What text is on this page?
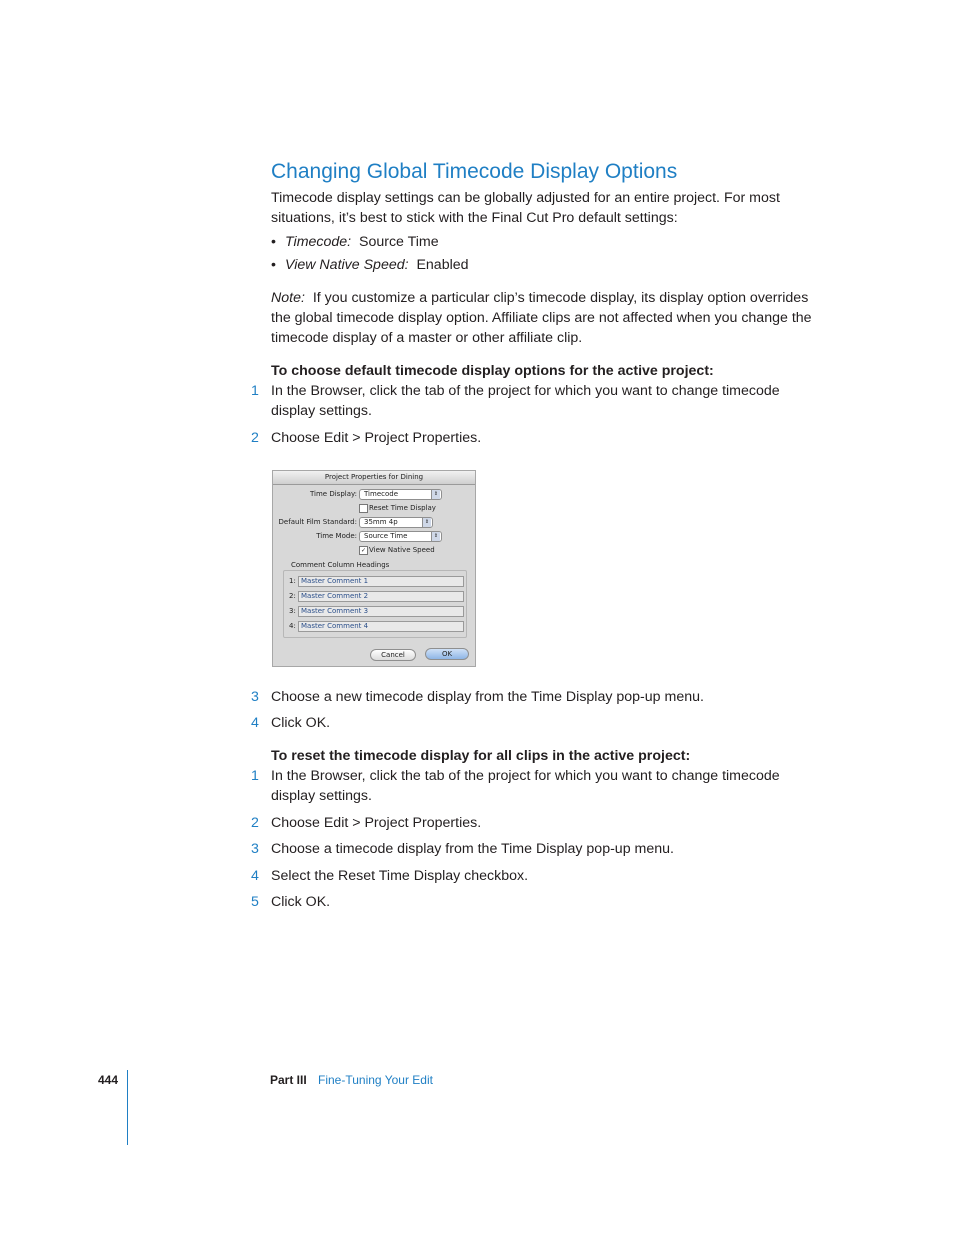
Changing Global Timecode Display Options
Timecode display settings can be globally adjusted for an entire project. For most situations, it’s best to stick with the Final Cut Pro default settings:
• Timecode: Source Time
• View Native Speed: Enabled
Note: If you customize a particular clip’s timecode display, its display option overrides the global timecode display option. Affiliate clips are not affected when you change the timecode display of a master or other affiliate clip.
To choose default timecode display options for the active project:
1 In the Browser, click the tab of the project for which you want to change timecode display settings.
2 Choose Edit > Project Properties.
Project Properties for Dining
Time Display:	Timecode	⇕
Reset Time Display
Default Film Standard:	35mm 4p	⇕
Time Mode:	Source Time	⇕
✓ View Native Speed
Comment Column Headings
1: Master Comment 1
2: Master Comment 2
3: Master Comment 3
4: Master Comment 4
Cancel	OK
3 Choose a new timecode display from the Time Display pop-up menu.
4 Click OK.
To reset the timecode display for all clips in the active project:
1 In the Browser, click the tab of the project for which you want to change timecode display settings.
2 Choose Edit > Project Properties.
3 Choose a timecode display from the Time Display pop-up menu.
4 Select the Reset Time Display checkbox.
5 Click OK.
444	Part III Fine-Tuning Your Edit
